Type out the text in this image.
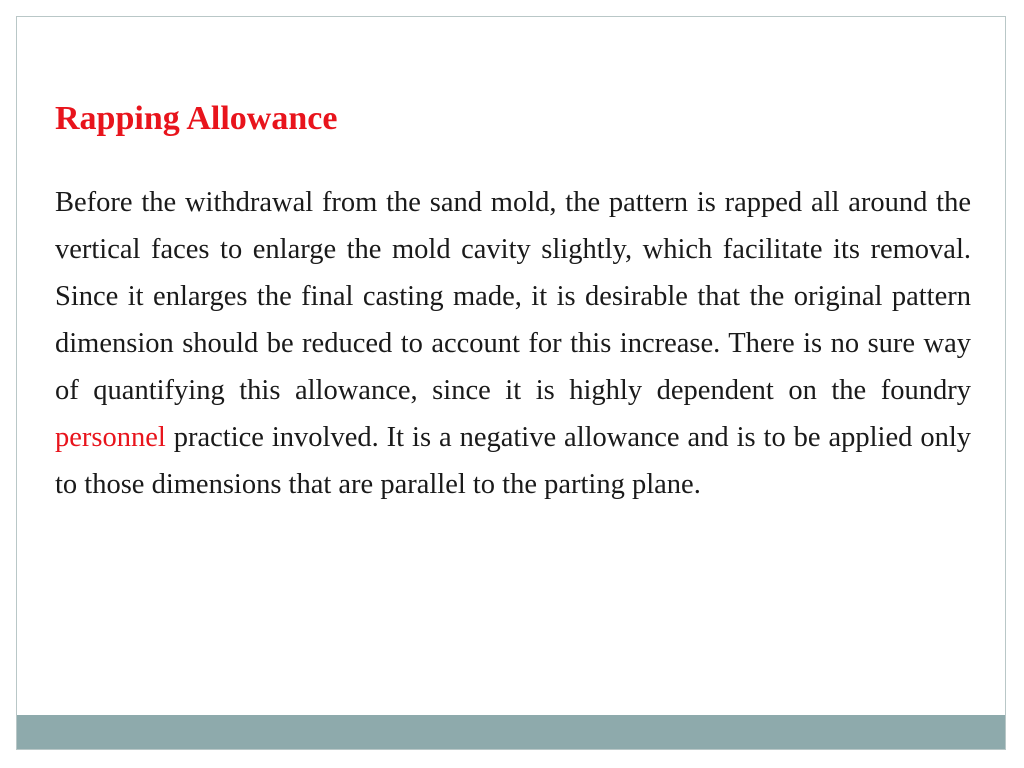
Rapping Allowance

Before the withdrawal from the sand mold, the pattern is rapped all around the vertical faces to enlarge the mold cavity slightly, which facilitate its removal. Since it enlarges the final casting made, it is desirable that the original pattern dimension should be reduced to account for this increase. There is no sure way of quantifying this allowance, since it is highly dependent on the foundry personnel practice involved. It is a negative allowance and is to be applied only to those dimensions that are parallel to the parting plane.
